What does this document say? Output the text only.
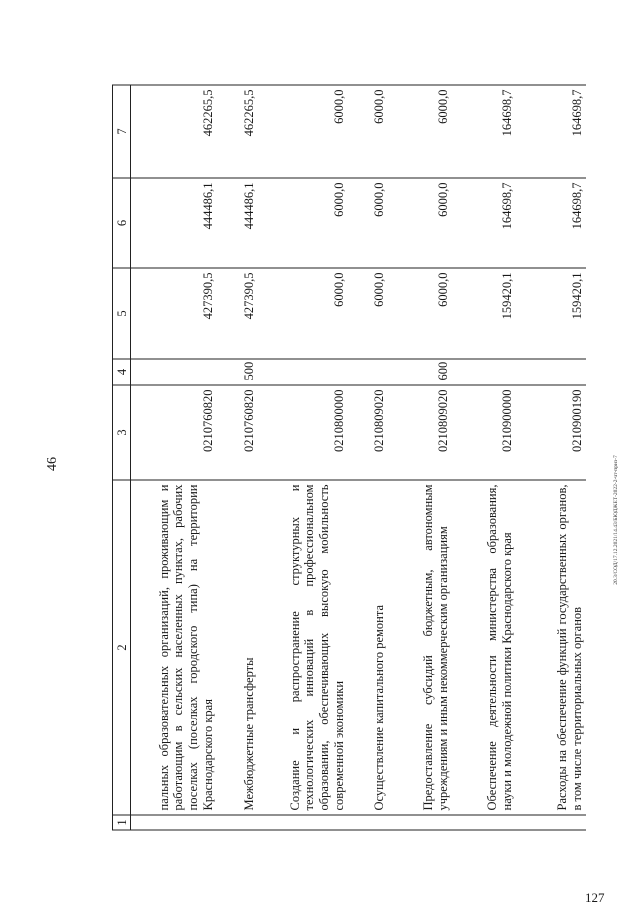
46
1	2	3	4	5	6	7
	пальных образовательных организаций, проживающим и работающим в сельских населенных пунктах, рабочих поселках (поселках городского типа) на территории Краснодарского края	0210760820		427390,5	444486,1	462265,5
	Межбюджетные трансферты	0210760820	500	427390,5	444486,1	462265,5
	Создание и распространение структурных и технологических инноваций в профессиональном образовании, обеспечивающих высокую мобильность современной экономики	0210800000		6000,0	6000,0	6000,0
	Осуществление капитального ремонта	0210809020		6000,0	6000,0	6000,0
	Предоставление субсидий бюджетным, автономным учреждениям и иным некоммерческим организациям	0210809020	600	6000,0	6000,0	6000,0
	Обеспечение деятельности министерства образования, науки и молодежной политики Краснодарского края	0210900000		159420,1	164698,7	164698,7
	Расходы на обеспечение функций государственных органов, в том числе территориальных органов	0210900190		159420,1	164698,7	164698,7
20.3/СОД/17.12.2021/14.43/БЮДЖЕТ-2022-2-чт-приз-7
127
